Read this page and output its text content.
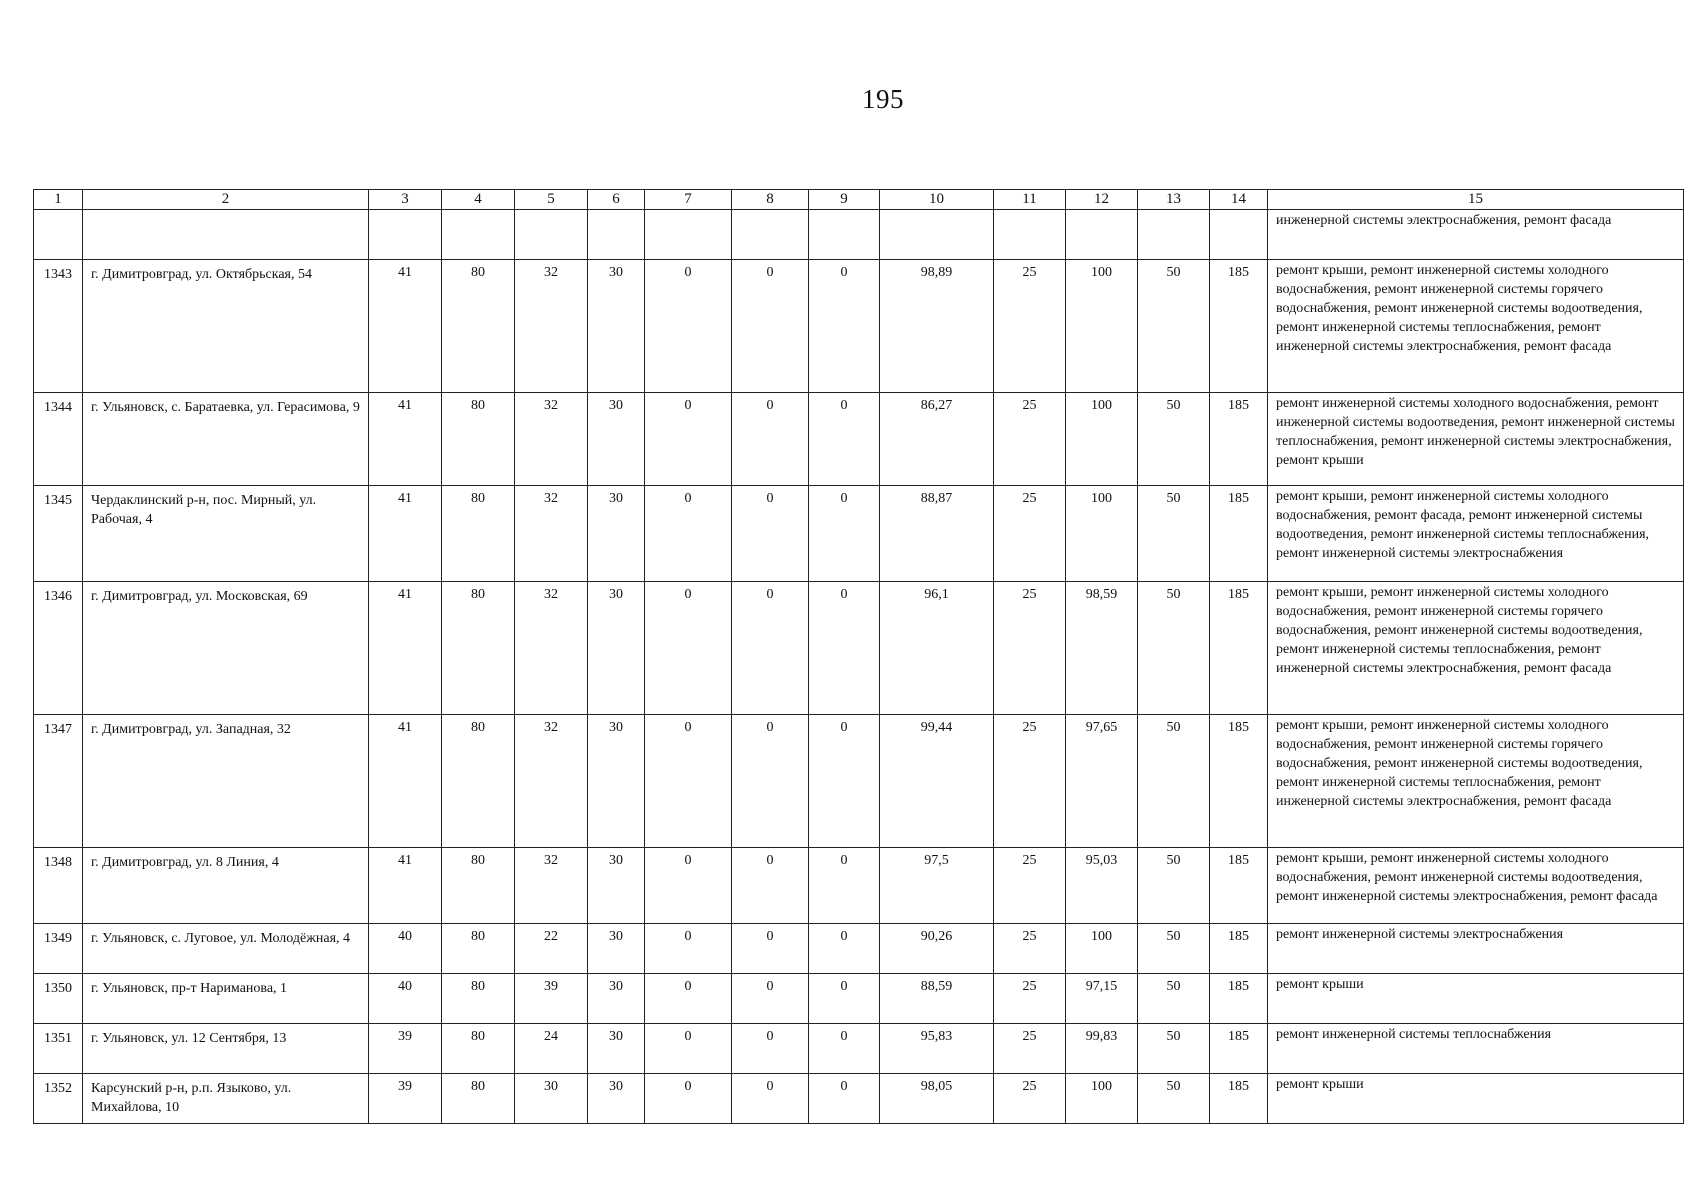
195
1	2	3	4	5	6	7	8	9	10	11	12	13	14	15
														инженерной системы электроснабжения, ремонт фасада
1343	г. Димитровград, ул. Октябрьская, 54	41	80	32	30	0	0	0	98,89	25	100	50	185	ремонт крыши, ремонт инженерной системы холодного водоснабжения, ремонт инженерной системы горячего водоснабжения, ремонт инженерной системы водоотведения, ремонт инженерной системы теплоснабжения, ремонт инженерной системы электроснабжения, ремонт фасада
1344	г. Ульяновск, с. Баратаевка, ул. Герасимова, 9	41	80	32	30	0	0	0	86,27	25	100	50	185	ремонт инженерной системы холодного водоснабжения, ремонт инженерной системы водоотведения, ремонт инженерной системы теплоснабжения, ремонт инженерной системы электроснабжения, ремонт крыши
1345	Чердаклинский р-н, пос. Мирный, ул. Рабочая, 4	41	80	32	30	0	0	0	88,87	25	100	50	185	ремонт крыши, ремонт инженерной системы холодного водоснабжения, ремонт фасада, ремонт инженерной системы водоотведения, ремонт инженерной системы теплоснабжения, ремонт инженерной системы электроснабжения
1346	г. Димитровград, ул. Московская, 69	41	80	32	30	0	0	0	96,1	25	98,59	50	185	ремонт крыши, ремонт инженерной системы холодного водоснабжения, ремонт инженерной системы горячего водоснабжения, ремонт инженерной системы водоотведения, ремонт инженерной системы теплоснабжения, ремонт инженерной системы электроснабжения, ремонт фасада
1347	г. Димитровград, ул. Западная, 32	41	80	32	30	0	0	0	99,44	25	97,65	50	185	ремонт крыши, ремонт инженерной системы холодного водоснабжения, ремонт инженерной системы горячего водоснабжения, ремонт инженерной системы водоотведения, ремонт инженерной системы теплоснабжения, ремонт инженерной системы электроснабжения, ремонт фасада
1348	г. Димитровград, ул. 8 Линия, 4	41	80	32	30	0	0	0	97,5	25	95,03	50	185	ремонт крыши, ремонт инженерной системы холодного водоснабжения, ремонт инженерной системы водоотведения, ремонт инженерной системы электроснабжения, ремонт фасада
1349	г. Ульяновск, с. Луговое, ул. Молодёжная, 4	40	80	22	30	0	0	0	90,26	25	100	50	185	ремонт инженерной системы электроснабжения
1350	г. Ульяновск, пр-т Нариманова, 1	40	80	39	30	0	0	0	88,59	25	97,15	50	185	ремонт крыши
1351	г. Ульяновск, ул. 12 Сентября, 13	39	80	24	30	0	0	0	95,83	25	99,83	50	185	ремонт инженерной системы теплоснабжения
1352	Карсунский р-н, р.п. Языково, ул. Михайлова, 10	39	80	30	30	0	0	0	98,05	25	100	50	185	ремонт крыши
